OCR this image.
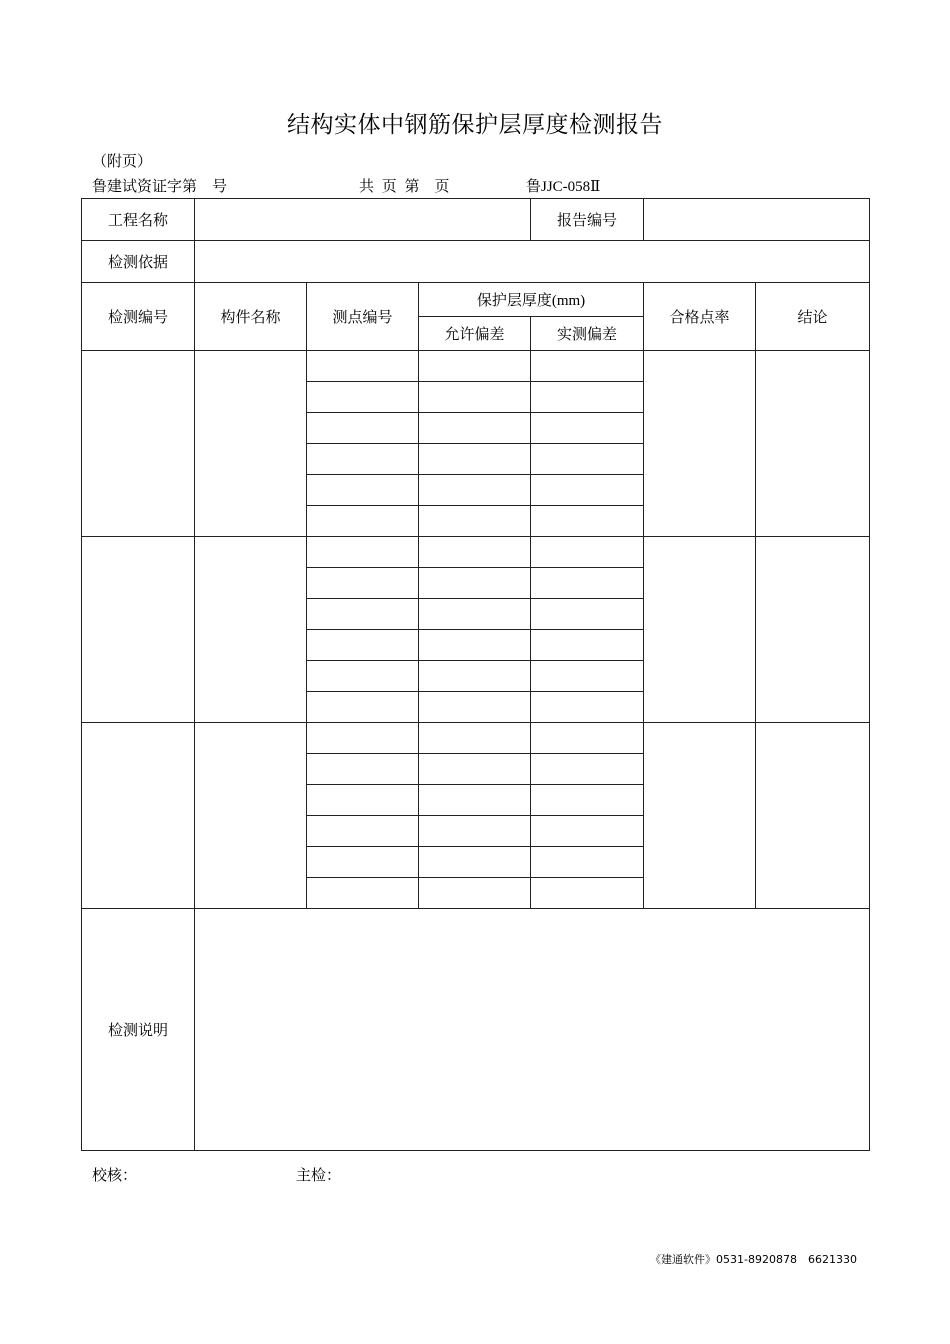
结构实体中钢筋保护层厚度检测报告
（附页）
鲁建试资证字第　号	共 页 第　页	鲁JJC-058Ⅱ
工程名称				报告编号		
检测依据						
检测编号	构件名称	测点编号	保护层厚度(mm)		合格点率	结论
			允许偏差	实测偏差		

检测说明						
校核：	主检：
《建通软件》0531-8920878　6621330
